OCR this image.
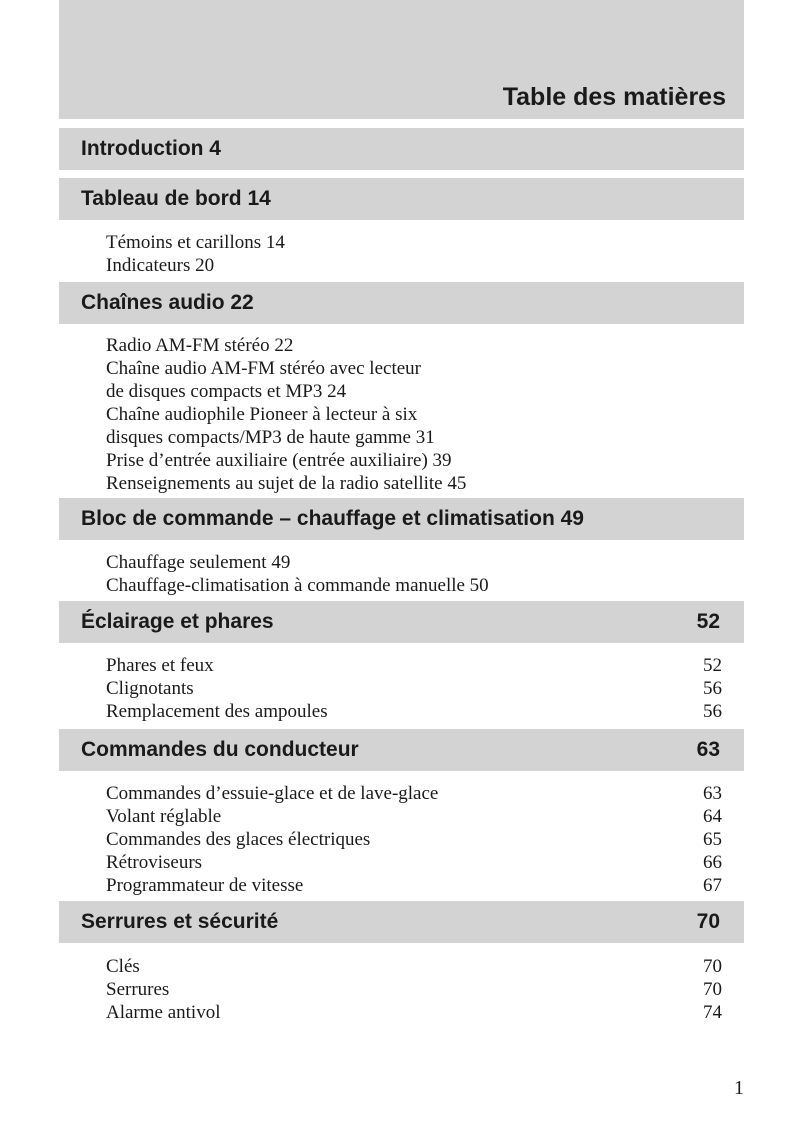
Table des matières
Introduction 4
Tableau de bord 14
Témoins et carillons 14
Indicateurs 20
Chaînes audio 22
Radio AM-FM stéréo 22
Chaîne audio AM-FM stéréo avec lecteur
de disques compacts et MP3 24
Chaîne audiophile Pioneer à lecteur à six
disques compacts/MP3 de haute gamme 31
Prise d’entrée auxiliaire (entrée auxiliaire) 39
Renseignements au sujet de la radio satellite 45
Bloc de commande – chauffage et climatisation 49
Chauffage seulement 49
Chauffage-climatisation à commande manuelle 50
Éclairage et phares	52
Phares et feux	52
Clignotants	56
Remplacement des ampoules	56
Commandes du conducteur	63
Commandes d’essuie-glace et de lave-glace	63
Volant réglable	64
Commandes des glaces électriques	65
Rétroviseurs	66
Programmateur de vitesse	67
Serrures et sécurité	70
Clés	70
Serrures	70
Alarme antivol	74
1
